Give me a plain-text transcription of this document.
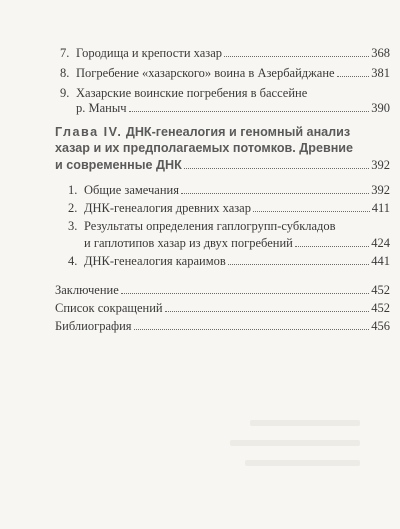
7. Городища и крепости хазар	368
8. Погребение «хазарского» воина в Азербайджане	381
9. Хазарские воинские погребения в бассейне
р. Маныч	390
Глава IV. ДНК-генеалогия и геномный анализ
хазар и их предполагаемых потомков. Древние
и современные ДНК	392
1. Общие замечания	392
2. ДНК-генеалогия древних хазар	411
3. Результаты определения гаплогрупп-субкладов
и гаплотипов хазар из двух погребений	424
4. ДНК-генеалогия караимов	441
Заключение	452
Список сокращений	452
Библиография	456
